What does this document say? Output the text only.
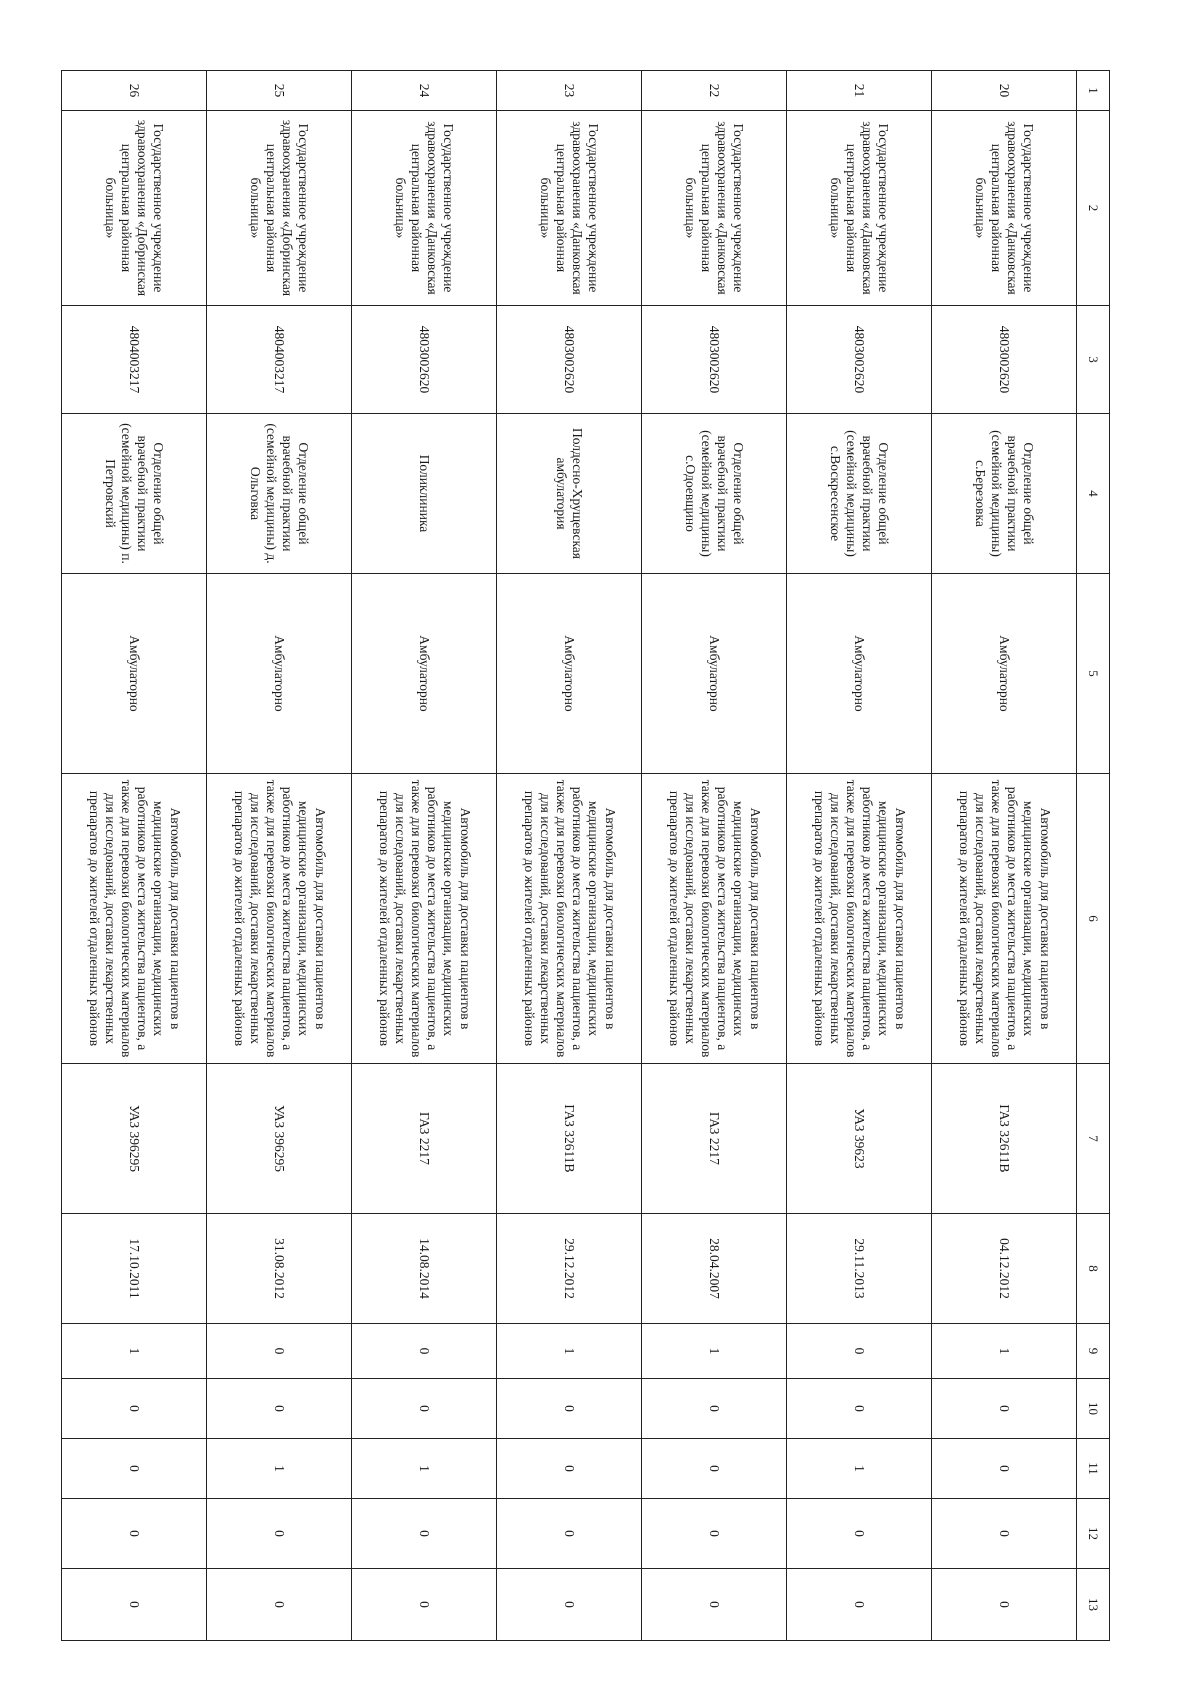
1	2	3	4	5	6	7	8	9	10	11	12	13
20	Государственное учреждение здравоохранения «Данковская центральная районная больница»	4803002620	Отделение общей врачебной практики (семейной медицины) с.Березовка	Амбулаторно	Автомобиль для доставки пациентов в медицинские организации, медицинских работников до места жительства пациентов, а также для перевозки биологических материалов для исследований, доставки лекарственных препаратов до жителей отдаленных районов	ГАЗ 32611В	04.12.2012	1	0	0	0	0
21	Государственное учреждение здравоохранения «Данковская центральная районная больница»	4803002620	Отделение общей врачебной практики (семейной медицины) с.Воскресенское	Амбулаторно	Автомобиль для доставки пациентов в медицинские организации, медицинских работников до места жительства пациентов, а также для перевозки биологических материалов для исследований, доставки лекарственных препаратов до жителей отдаленных районов	УАЗ 39623	29.11.2013	0	0	1	0	0
22	Государственное учреждение здравоохранения «Данковская центральная районная больница»	4803002620	Отделение общей врачебной практики (семейной медицины) с.Одоевщино	Амбулаторно	Автомобиль для доставки пациентов в медицинские организации, медицинских работников до места жительства пациентов, а также для перевозки биологических материалов для исследований, доставки лекарственных препаратов до жителей отдаленных районов	ГАЗ 2217	28.04.2007	1	0	0	0	0
23	Государственное учреждение здравоохранения «Данковская центральная районная больница»	4803002620	Полдесно-Хрущевская амбулатория	Амбулаторно	Автомобиль для доставки пациентов в медицинские организации, медицинских работников до места жительства пациентов, а также для перевозки биологических материалов для исследований, доставки лекарственных препаратов до жителей отдаленных районов	ГАЗ 32611В	29.12.2012	1	0	0	0	0
24	Государственное учреждение здравоохранения «Данковская центральная районная больница»	4803002620	Поликлиника	Амбулаторно	Автомобиль для доставки пациентов в медицинские организации, медицинских работников до места жительства пациентов, а также для перевозки биологических материалов для исследований, доставки лекарственных препаратов до жителей отдаленных районов	ГАЗ 2217	14.08.2014	0	0	1	0	0
25	Государственное учреждение здравоохранения «Добринская центральная районная больница»	4804003217	Отделение общей врачебной практики (семейной медицины) д. Ольговка	Амбулаторно	Автомобиль для доставки пациентов в медицинские организации, медицинских работников до места жительства пациентов, а также для перевозки биологических материалов для исследований, доставки лекарственных препаратов до жителей отдаленных районов	УАЗ 396295	31.08.2012	0	0	1	0	0
26	Государственное учреждение здравоохранения «Добринская центральная районная больница»	4804003217	Отделение общей врачебной практики (семейной медицины) п. Петровский	Амбулаторно	Автомобиль для доставки пациентов в медицинские организации, медицинских работников до места жительства пациентов, а также для перевозки биологических материалов для исследований, доставки лекарственных препаратов до жителей отдаленных районов	УАЗ 396295	17.10.2011	1	0	0	0	0
